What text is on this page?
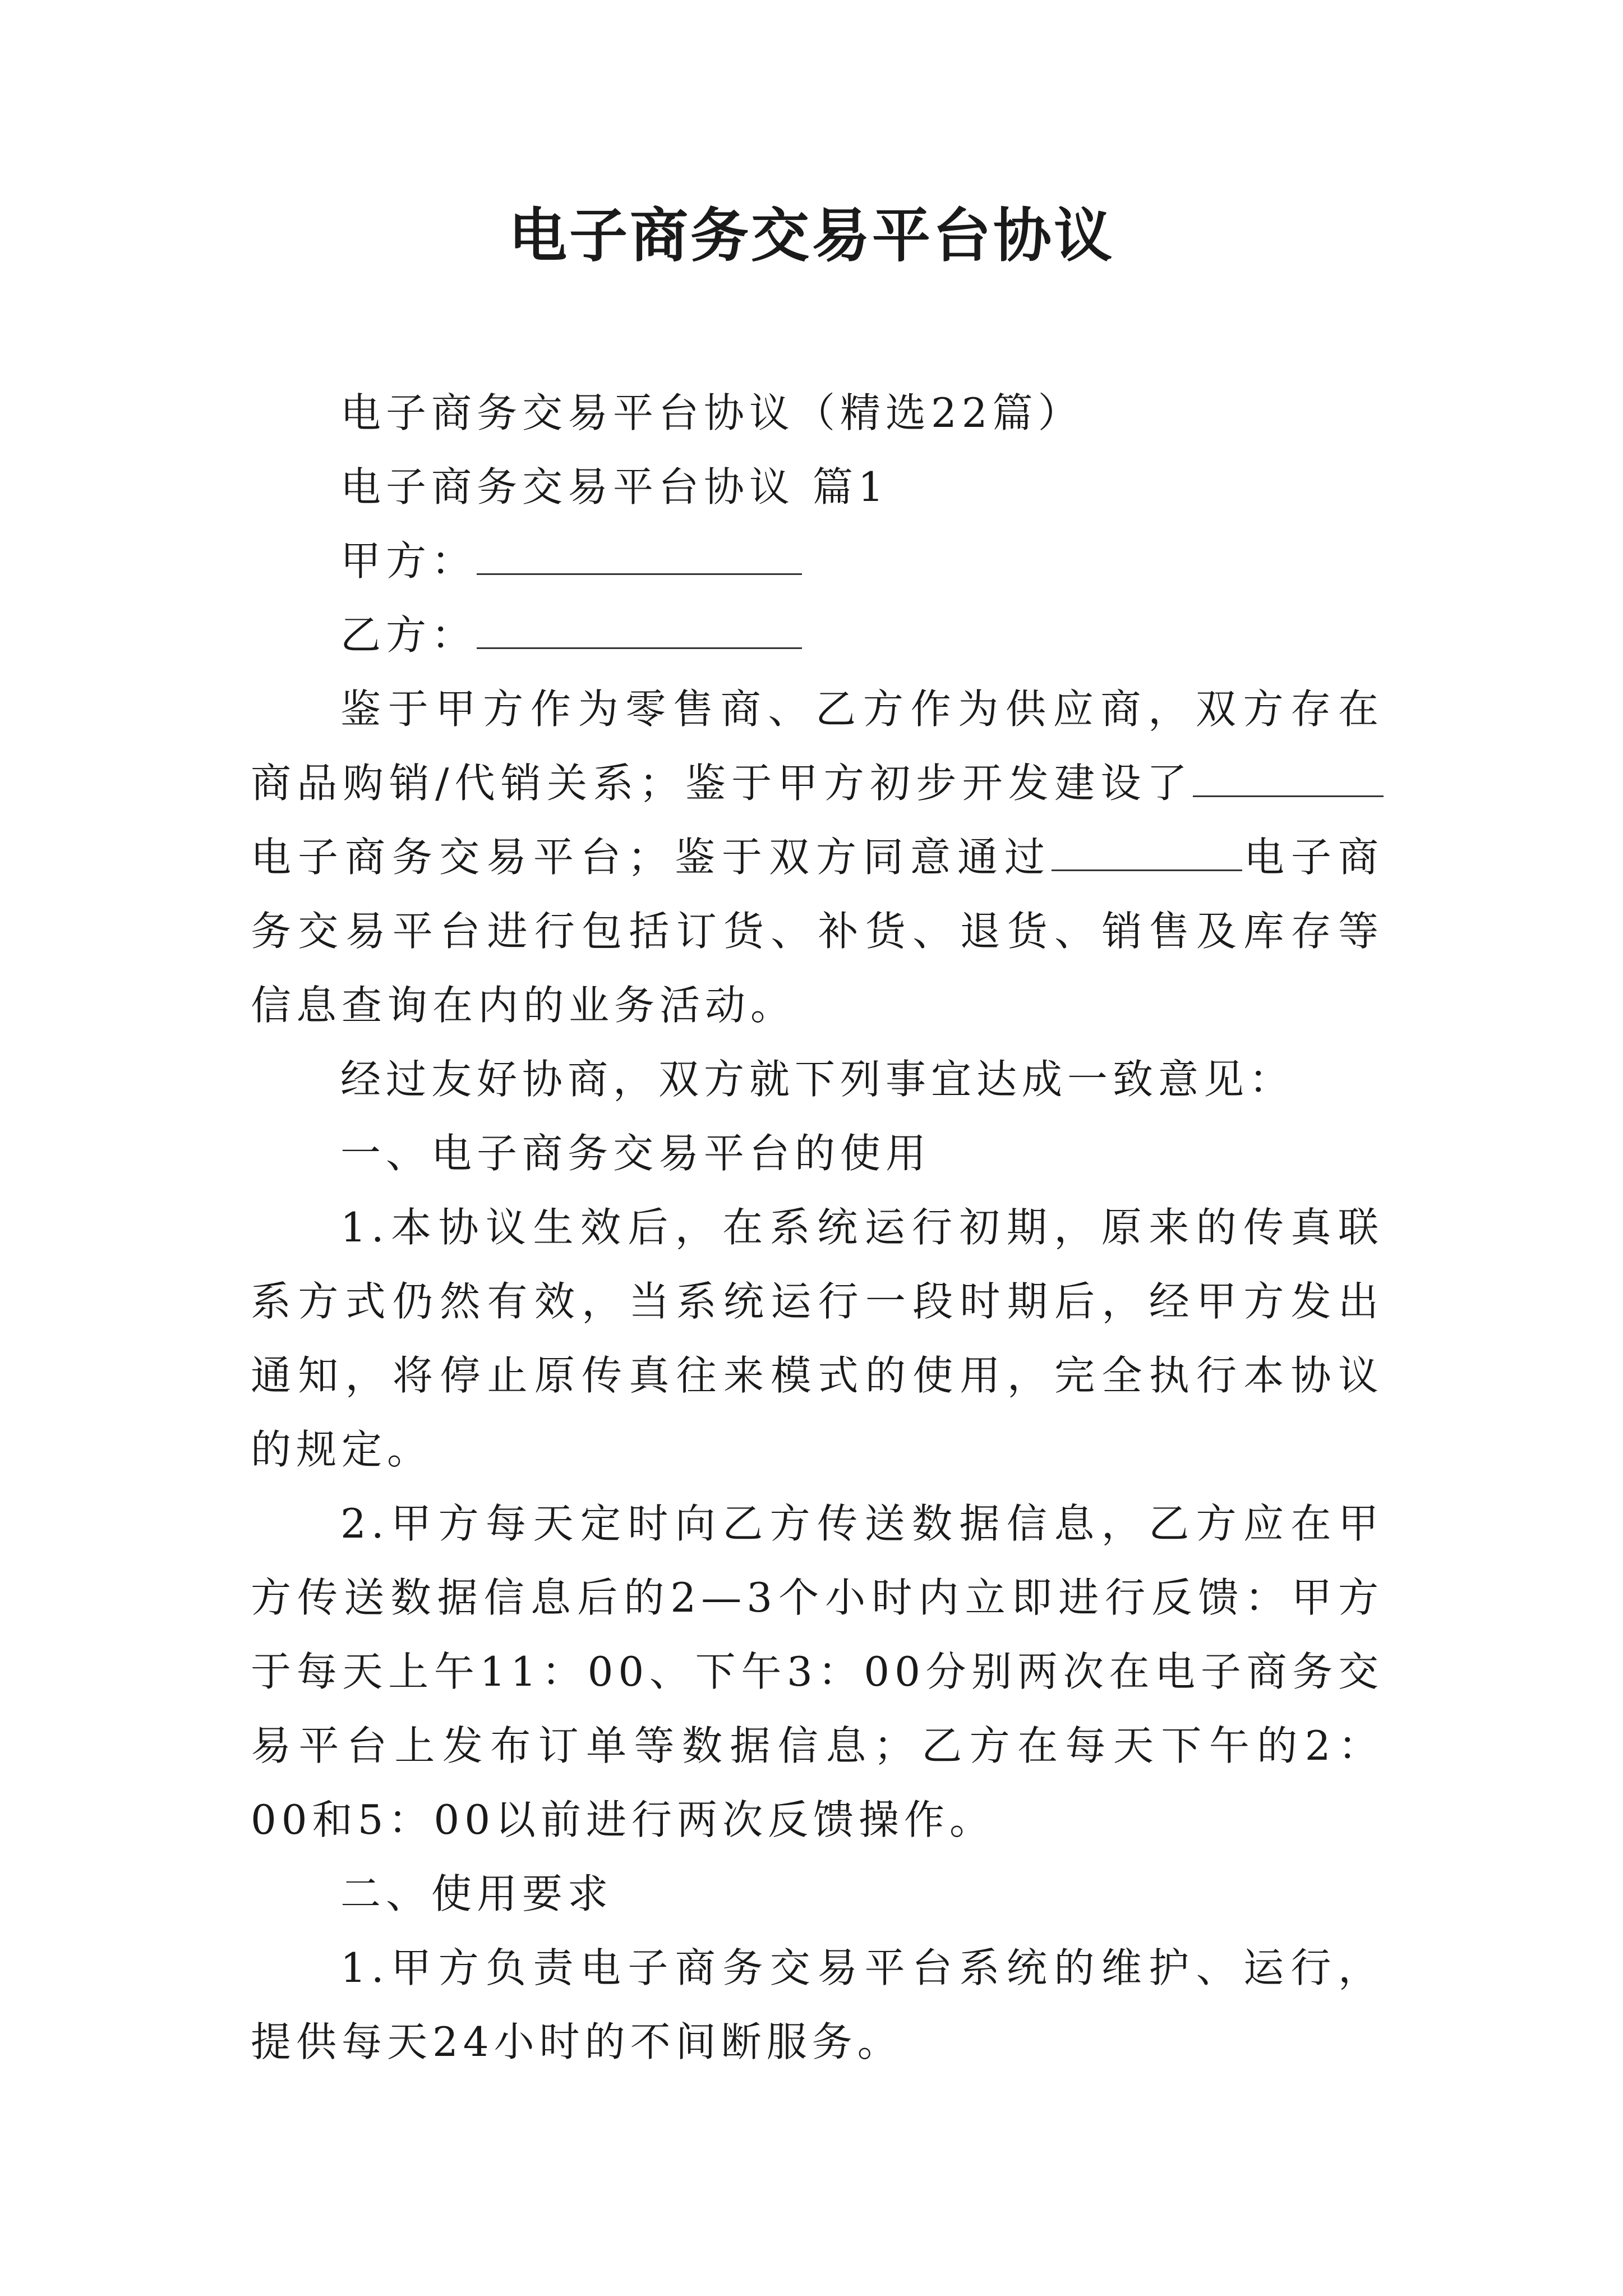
电子商务交易平台协议

电子商务交易平台协议（精选22篇）

电子商务交易平台协议 篇1

甲方：

乙方：

鉴于甲方作为零售商、乙方作为供应商，双方存在商品购销/代销关系；鉴于甲方初步开发建设了电子商务交易平台；鉴于双方同意通过	电子商务交易平台进行包括订货、补货、退货、销售及库存等信息查询在内的业务活动。

经过友好协商，双方就下列事宜达成一致意见：

一、电子商务交易平台的使用

1.本协议生效后，在系统运行初期，原来的传真联系方式仍然有效，当系统运行一段时期后，经甲方发出通知，将停止原传真往来模式的使用，完全执行本协议的规定。

2.甲方每天定时向乙方传送数据信息，乙方应在甲方传送数据信息后的2—3个小时内立即进行反馈：甲方于每天上午11：00、下午3：00分别两次在电子商务交易平台上发布订单等数据信息；乙方在每天下午的2：00和5：00以前进行两次反馈操作。

二、使用要求

1.甲方负责电子商务交易平台系统的维护、运行，提供每天24小时的不间断服务。
